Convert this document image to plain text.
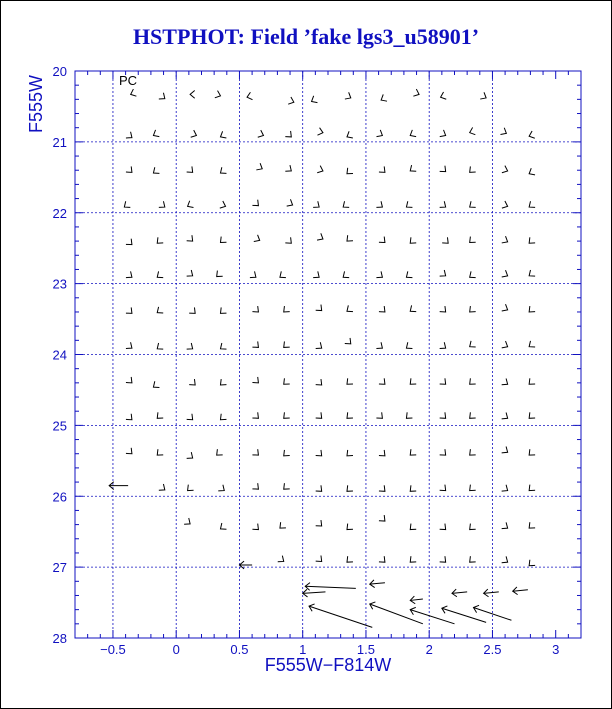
HSTPHOT: Field ’fake lgs3_u58901’
−0.5	0	0.5	1	1.5	2	2.5	3
20
21
22
23
24
25
26
27
28
PC
F555W−F814W
F555W
